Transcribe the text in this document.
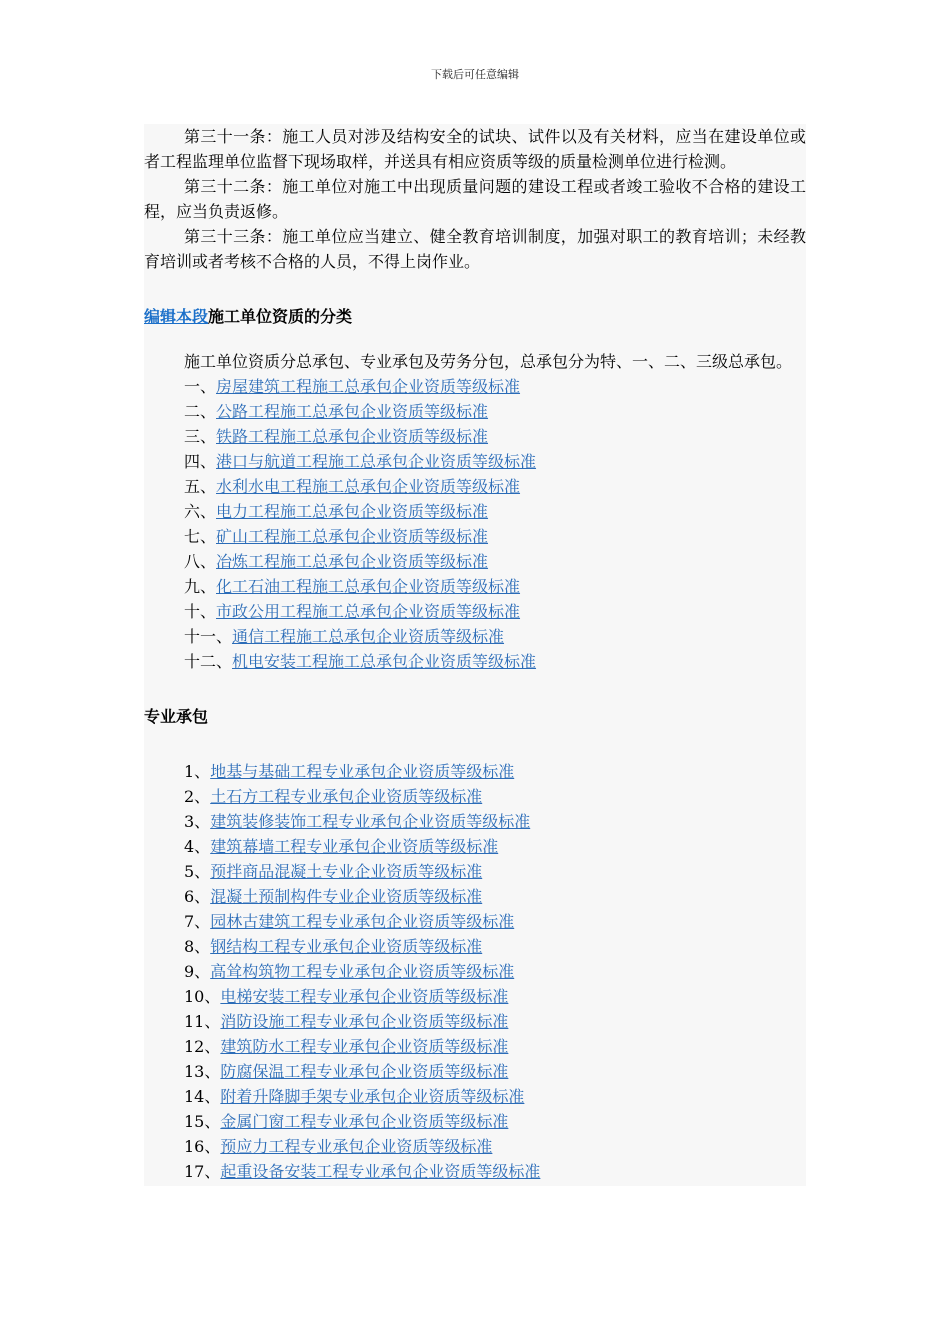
下载后可任意编辑

第三十一条：施工人员对涉及结构安全的试块、试件以及有关材料，应当在建设单位或者工程监理单位监督下现场取样，并送具有相应资质等级的质量检测单位进行检测。

第三十二条：施工单位对施工中出现质量问题的建设工程或者竣工验收不合格的建设工程，应当负责返修。

第三十三条：施工单位应当建立、健全教育培训制度，加强对职工的教育培训；未经教育培训或者考核不合格的人员，不得上岗作业。

编辑本段施工单位资质的分类

施工单位资质分总承包、专业承包及劳务分包，总承包分为特、一、二、三级总承包。

一、房屋建筑工程施工总承包企业资质等级标准
二、公路工程施工总承包企业资质等级标准
三、铁路工程施工总承包企业资质等级标准
四、港口与航道工程施工总承包企业资质等级标准
五、水利水电工程施工总承包企业资质等级标准
六、电力工程施工总承包企业资质等级标准
七、矿山工程施工总承包企业资质等级标准
八、冶炼工程施工总承包企业资质等级标准
九、化工石油工程施工总承包企业资质等级标准
十、市政公用工程施工总承包企业资质等级标准
十一、通信工程施工总承包企业资质等级标准
十二、机电安装工程施工总承包企业资质等级标准
专业承包
1、地基与基础工程专业承包企业资质等级标准
2、土石方工程专业承包企业资质等级标准
3、建筑装修装饰工程专业承包企业资质等级标准
4、建筑幕墙工程专业承包企业资质等级标准
5、预拌商品混凝土专业企业资质等级标准
6、混凝土预制构件专业企业资质等级标准
7、园林古建筑工程专业承包企业资质等级标准
8、钢结构工程专业承包企业资质等级标准
9、高耸构筑物工程专业承包企业资质等级标准
10、电梯安装工程专业承包企业资质等级标准
11、消防设施工程专业承包企业资质等级标准
12、建筑防水工程专业承包企业资质等级标准
13、防腐保温工程专业承包企业资质等级标准
14、附着升降脚手架专业承包企业资质等级标准
15、金属门窗工程专业承包企业资质等级标准
16、预应力工程专业承包企业资质等级标准
17、起重设备安装工程专业承包企业资质等级标准
